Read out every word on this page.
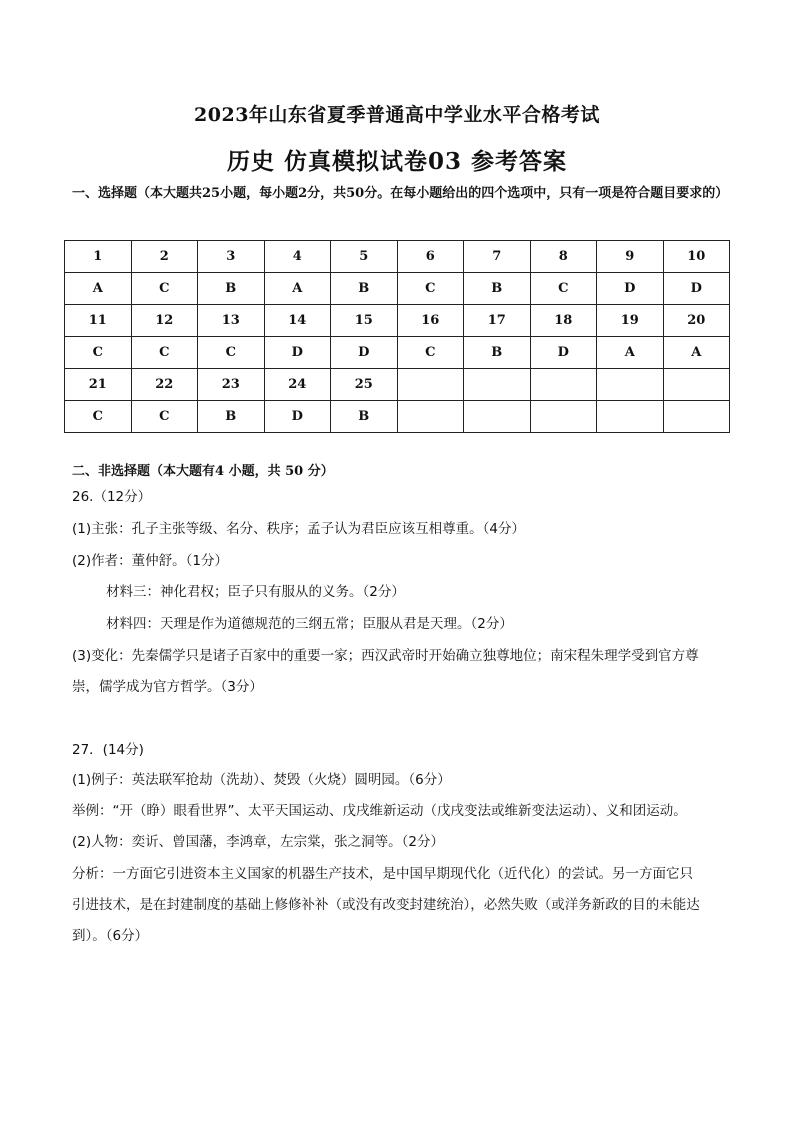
2023年山东省夏季普通高中学业水平合格考试
历史 仿真模拟试卷03 参考答案
一、选择题（本大题共25小题，每小题2分，共50分。在每小题给出的四个选项中，只有一项是符合题目要求的）
1	2	3	4	5	6	7	8	9	10
A	C	B	A	B	C	B	C	D	D
11	12	13	14	15	16	17	18	19	20
C	C	C	D	D	C	B	D	A	A
21	22	23	24	25					
C	C	B	D	B					
二、非选择题（本大题有4 小题，共 50 分）
26.（12分）
(1)主张：孔子主张等级、名分、秩序；孟子认为君臣应该互相尊重。（4分）
(2)作者：董仲舒。（1分）
材料三：神化君权；臣子只有服从的义务。（2分）
材料四：天理是作为道德规范的三纲五常；臣服从君是天理。（2分）
(3)变化：先秦儒学只是诸子百家中的重要一家；西汉武帝时开始确立独尊地位；南宋程朱理学受到官方尊
崇，儒学成为官方哲学。（3分）
27．(14分)
(1)例子：英法联军抢劫（洗劫）、焚毁（火烧）圆明园。（6分）
举例：“开（睁）眼看世界”、太平天国运动、戊戌维新运动（戊戌变法或维新变法运动）、义和团运动。
(2)人物：奕䜣、曾国藩，李鸿章，左宗棠，张之洞等。（2分）
分析：一方面它引进资本主义国家的机器生产技术，是中国早期现代化（近代化）的尝试。另一方面它只
引进技术，是在封建制度的基础上修修补补（或没有改变封建统治），必然失败（或洋务新政的目的未能达
到）。（6分）
